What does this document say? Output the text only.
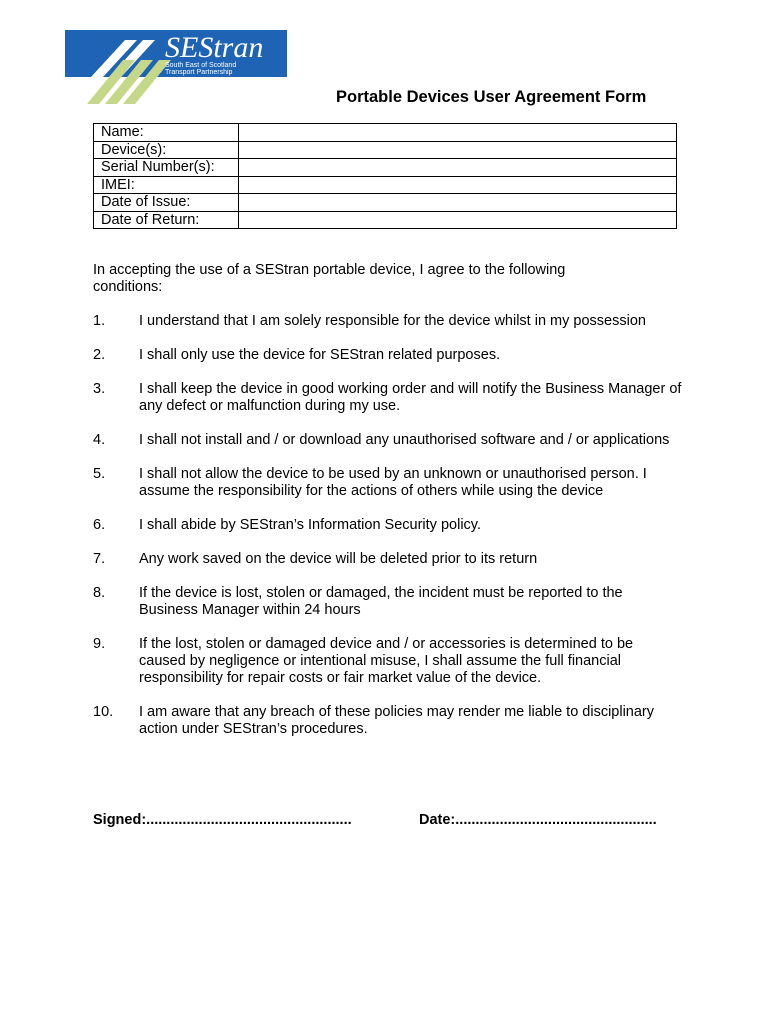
SEStran
South East of Scotland
Transport Partnership
Portable Devices User Agreement Form
Name:	
Device(s):	
Serial Number(s):	
IMEI:	
Date of Issue:	
Date of Return:	
In accepting the use of a SEStran portable device, I agree to the following conditions:
1.	I understand that I am solely responsible for the device whilst in my possession
2.	I shall only use the device for SEStran related purposes.
3.	I shall keep the device in good working order and will notify the Business Manager of any defect or malfunction during my use.
4.	I shall not install and / or download any unauthorised software and / or applications
5.	I shall not allow the device to be used by an unknown or unauthorised person. I assume the responsibility for the actions of others while using the device
6.	I shall abide by SEStran’s Information Security policy.
7.	Any work saved on the device will be deleted prior to its return
8.	If the device is lost, stolen or damaged, the incident must be reported to the Business Manager within 24 hours
9.	If the lost, stolen or damaged device and / or accessories is determined to be caused by negligence or intentional misuse, I shall assume the full financial responsibility for repair costs or fair market value of the device.
10.	I am aware that any breach of these policies may render me liable to disciplinary action under SEStran’s procedures.
Signed:...................................................	Date:..................................................
